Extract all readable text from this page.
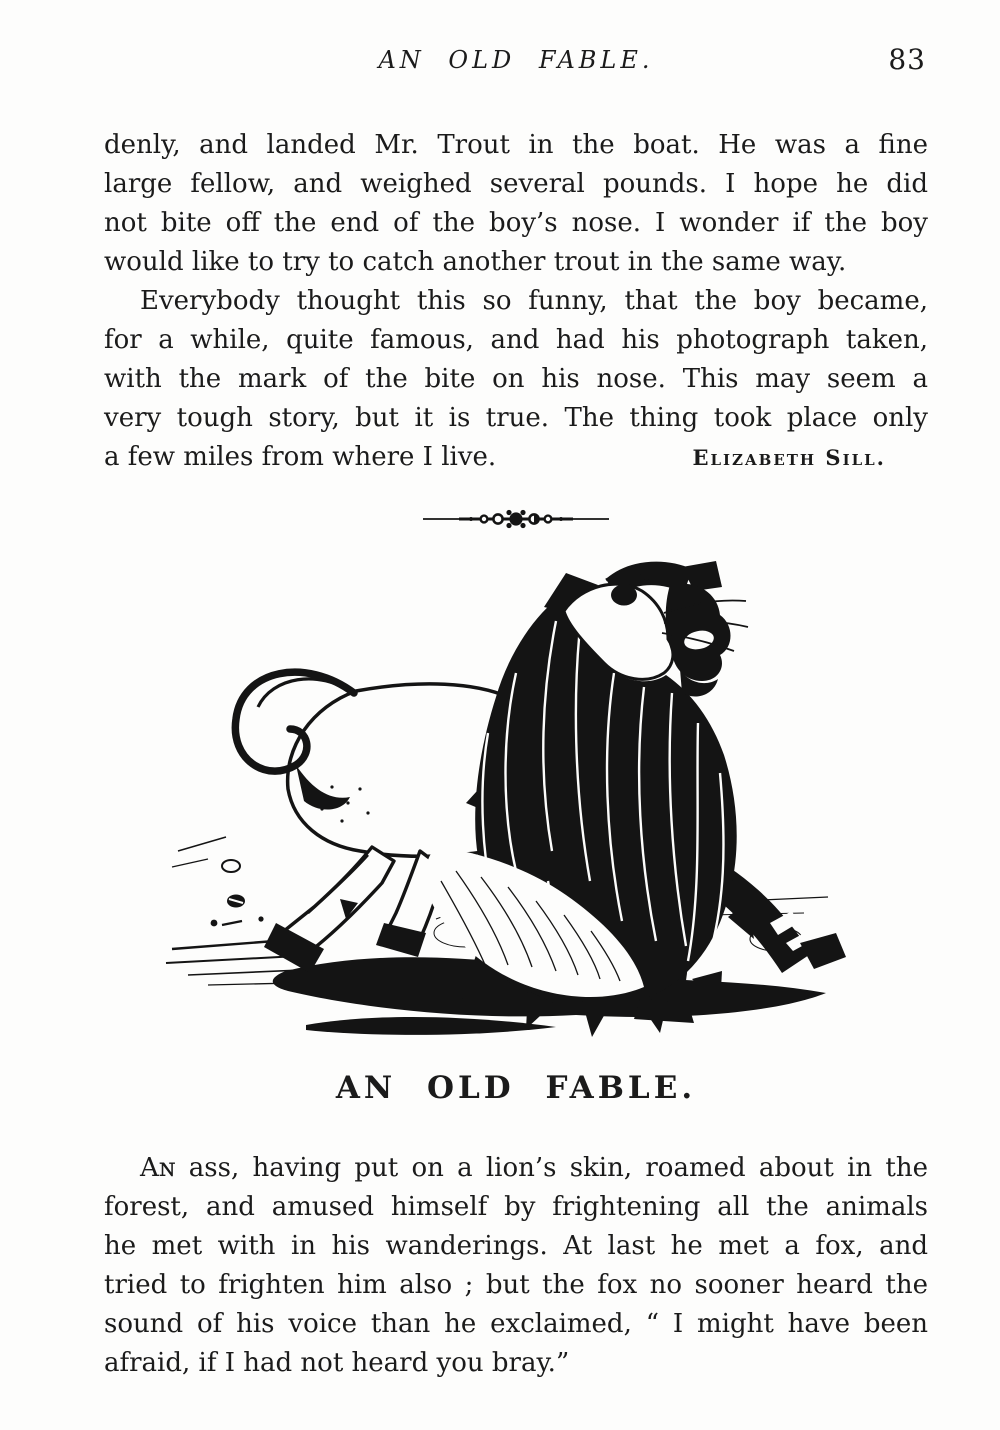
AN OLD FABLE.	83
denly, and landed Mr. Trout in the boat. He was a fine
large fellow, and weighed several pounds. I hope he did
not bite off the end of the boy’s nose. I wonder if the boy
would like to try to catch another trout in the same way.
Everybody thought this so funny, that the boy became,
for a while, quite famous, and had his photograph taken,
with the mark of the bite on his nose. This may seem a
very tough story, but it is true. The thing took place only
a few miles from where I live.	Elizabeth Sill.
AN OLD FABLE.
Aɴ ass, having put on a lion’s skin, roamed about in the
forest, and amused himself by frightening all the animals
he met with in his wanderings. At last he met a fox, and
tried to frighten him also ; but the fox no sooner heard the
sound of his voice than he exclaimed, “ I might have been
afraid, if I had not heard you bray.”
